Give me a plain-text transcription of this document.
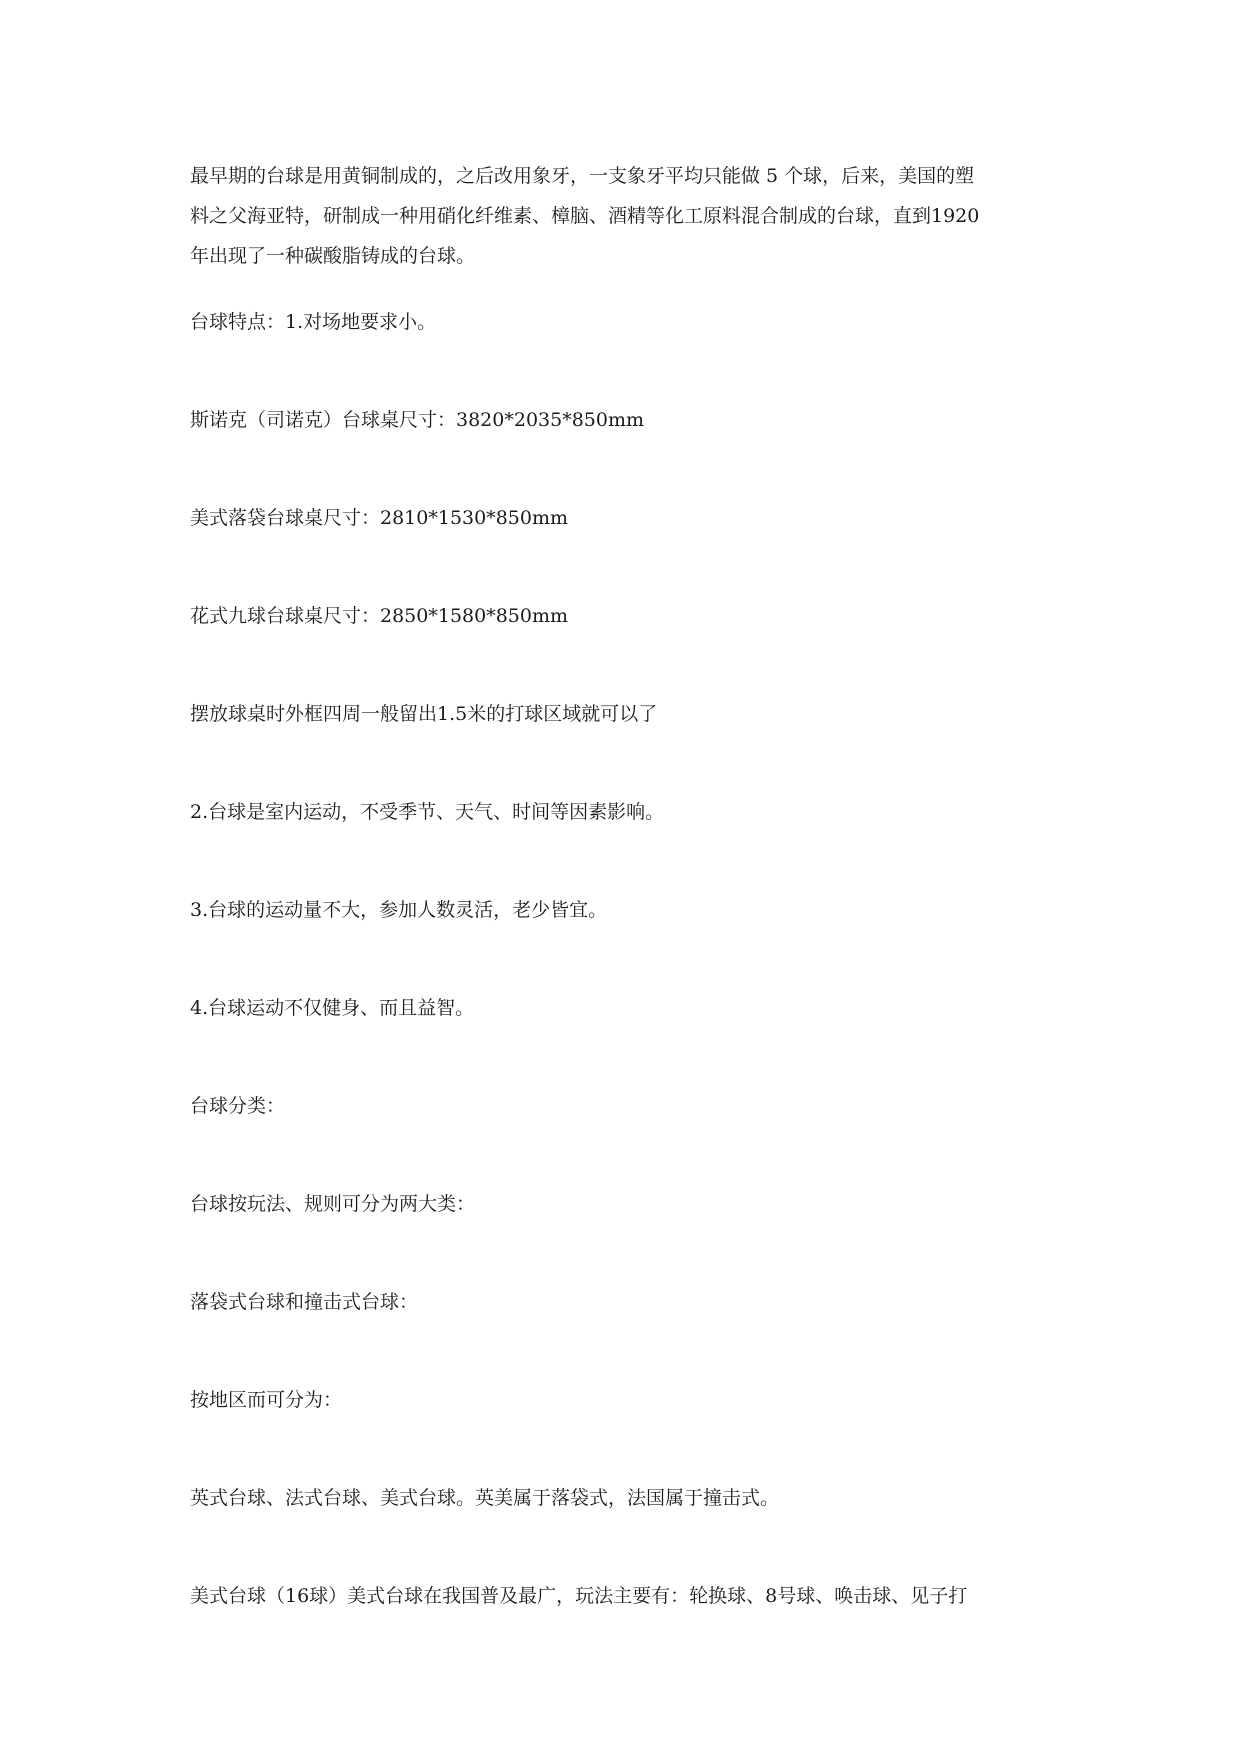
最早期的台球是用黄铜制成的，之后改用象牙，一支象牙平均只能做 5 个球，后来，美国的塑
料之父海亚特，研制成一种用硝化纤维素、樟脑、酒精等化工原料混合制成的台球，直到1920
年出现了一种碳酸脂铸成的台球。

台球特点：1.对场地要求小。

斯诺克（司诺克）台球桌尺寸：3820*2035*850mm

美式落袋台球桌尺寸：2810*1530*850mm

花式九球台球桌尺寸：2850*1580*850mm

摆放球桌时外框四周一般留出1.5米的打球区域就可以了

2.台球是室内运动，不受季节、天气、时间等因素影响。

3.台球的运动量不大，参加人数灵活，老少皆宜。

4.台球运动不仅健身、而且益智。

台球分类：

台球按玩法、规则可分为两大类：

落袋式台球和撞击式台球：

按地区而可分为：

英式台球、法式台球、美式台球。英美属于落袋式，法国属于撞击式。

美式台球（16球）美式台球在我国普及最广，玩法主要有：轮换球、8号球、唤击球、见子打
